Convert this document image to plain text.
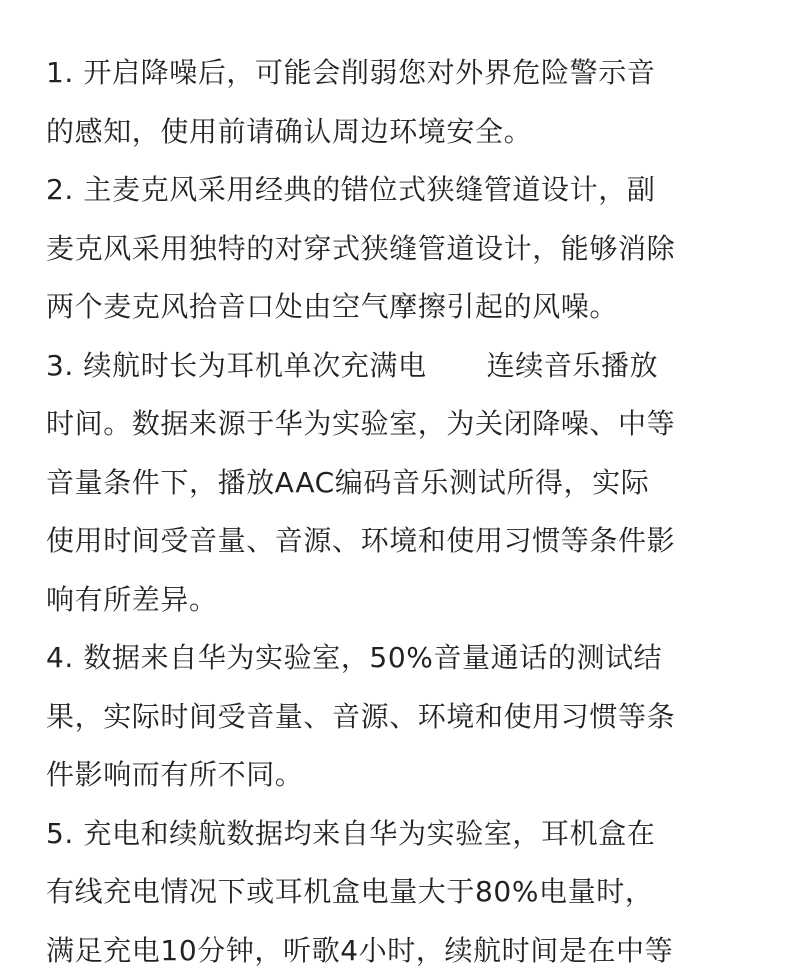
1. 开启降噪后，可能会削弱您对外界危险警示音
的感知，使用前请确认周边环境安全。
2. 主麦克风采用经典的错位式狭缝管道设计，副
麦克风采用独特的对穿式狭缝管道设计，能够消除
两个麦克风拾音口处由空气摩擦引起的风噪。
3. 续航时长为耳机单次充满电 连续音乐播放
时间。数据来源于华为实验室，为关闭降噪、中等
音量条件下，播放AAC编码音乐测试所得，实际
使用时间受音量、音源、环境和使用习惯等条件影
响有所差异。
4. 数据来自华为实验室，50%音量通话的测试结
果，实际时间受音量、音源、环境和使用习惯等条
件影响而有所不同。
5. 充电和续航数据均来自华为实验室，耳机盒在
有线充电情况下或耳机盒电量大于80%电量时，
满足充电10分钟，听歌4小时，续航时间是在中等
